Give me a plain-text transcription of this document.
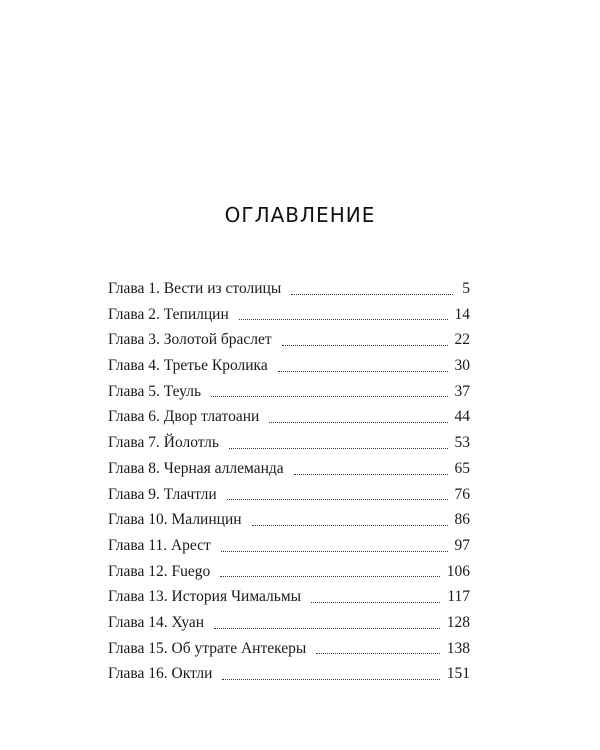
ОГЛАВЛЕНИЕ
Глава 1. Вести из столицы	5
Глава 2. Тепилцин	14
Глава 3. Золотой браслет	22
Глава 4. Третье Кролика	30
Глава 5. Теуль	37
Глава 6. Двор тлатоани	44
Глава 7. Йолотль	53
Глава 8. Черная аллеманда	65
Глава 9. Тлачтли	76
Глава 10. Малинцин	86
Глава 11. Арест	97
Глава 12. Fuego	106
Глава 13. История Чимальмы	117
Глава 14. Хуан	128
Глава 15. Об утрате Антекеры	138
Глава 16. Октли	151
